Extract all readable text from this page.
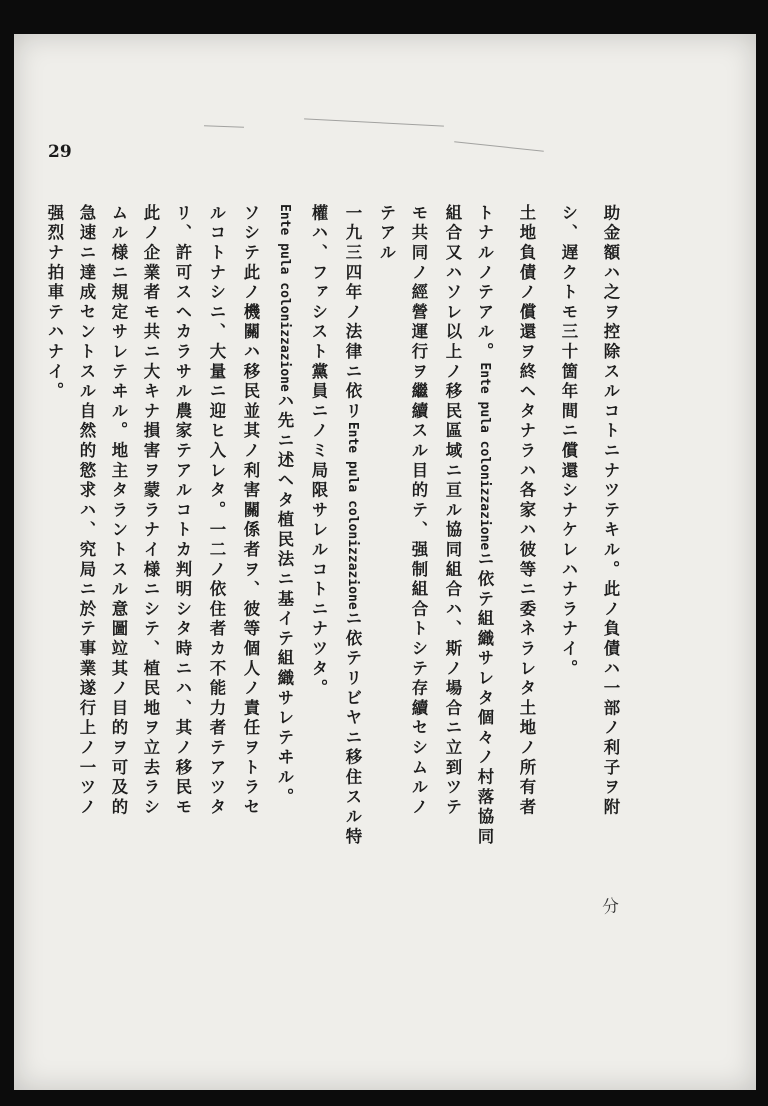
29

助金額ハ之ヲ控除スルコトニナツテキル。此ノ負債ハ一部ノ利子ヲ附

シ、遅クトモ三十箇年間ニ償還シナケレハナラナイ。

土地負債ノ償還ヲ終ヘタナラハ各家ハ彼等ニ委ネラレタ土地ノ所有者

トナルノテアル。Ente pula colonizzazioneニ依テ組織サレタ個々ノ村落協同

組合又ハソレ以上ノ移民區域ニ亘ル協同組合ハ、斯ノ場合ニ立到ツテ

モ共同ノ經營運行ヲ繼續スル目的テ、强制組合トシテ存續セシムルノ

テアル

一九三四年ノ法律ニ依リEnte pula colonizzazioneニ依テリビヤニ移住スル特

權ハ、ファシスト黨員ニノミ局限サレルコトニナツタ。

Ente pula colonizzazioneハ先ニ述ヘタ植民法ニ基イテ組織サレテヰル。

ソシテ此ノ機關ハ移民並其ノ利害關係者ヲ、彼等個人ノ責任ヲトラセ

ルコトナシニ、大量ニ迎ヒ入レタ。一二ノ依住者カ不能力者テアツタ

リ、許可スヘカラサル農家テアルコトカ判明シタ時ニハ、其ノ移民モ

此ノ企業者モ共ニ大キナ損害ヲ蒙ラナイ様ニシテ、植民地ヲ立去ラシ

ムル様ニ規定サレテヰル。地主タラントスル意圖竝其ノ目的ヲ可及的

急速ニ達成セントスル自然的慾求ハ、究局ニ於テ事業遂行上ノ一ツノ

强烈ナ拍車テハナイ。

分
